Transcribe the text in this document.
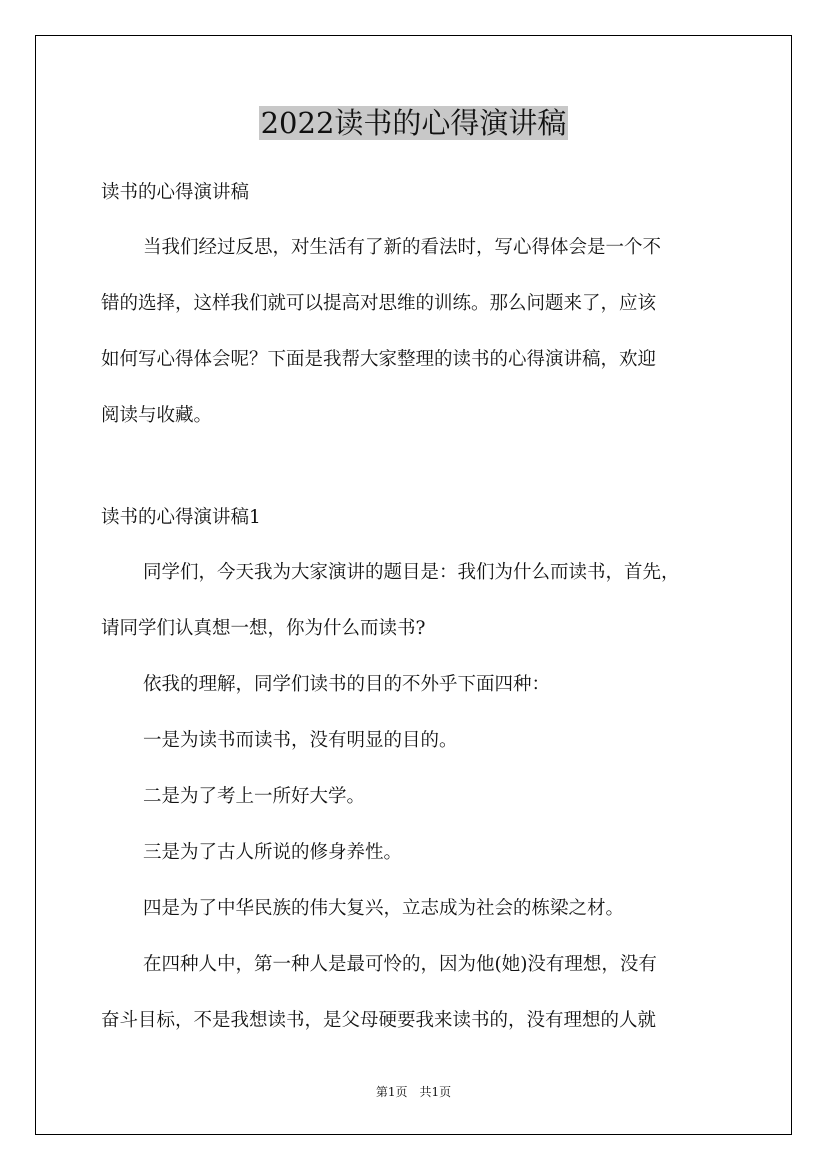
2022读书的心得演讲稿
读书的心得演讲稿
当我们经过反思，对生活有了新的看法时，写心得体会是一个不
错的选择，这样我们就可以提高对思维的训练。那么问题来了，应该
如何写心得体会呢？下面是我帮大家整理的读书的心得演讲稿，欢迎
阅读与收藏。
读书的心得演讲稿1
同学们，今天我为大家演讲的题目是：我们为什么而读书，首先，
请同学们认真想一想，你为什么而读书?
依我的理解，同学们读书的目的不外乎下面四种：
一是为读书而读书，没有明显的目的。
二是为了考上一所好大学。
三是为了古人所说的修身养性。
四是为了中华民族的伟大复兴，立志成为社会的栋梁之材。
在四种人中，第一种人是最可怜的，因为他(她)没有理想，没有
奋斗目标，不是我想读书，是父母硬要我来读书的，没有理想的人就
第1页 共1页
